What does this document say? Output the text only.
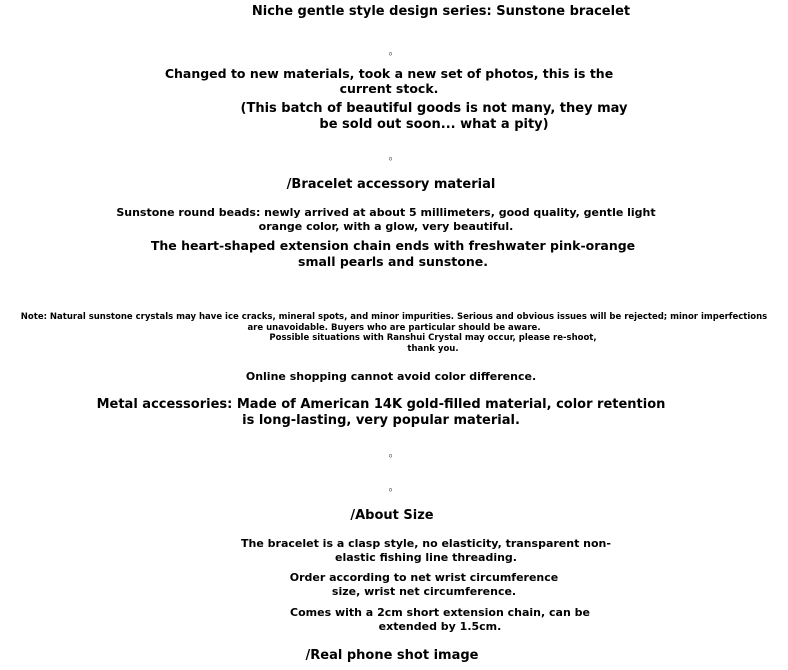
Niche gentle style design series: Sunstone bracelet
。
Changed to new materials, took a new set of photos, this is the current stock.
(This batch of beautiful goods is not many, they may be sold out soon... what a pity)
。
/Bracelet accessory material
Sunstone round beads: newly arrived at about 5 millimeters, good quality, gentle light orange color, with a glow, very beautiful.
The heart-shaped extension chain ends with freshwater pink-orange small pearls and sunstone.
Note: Natural sunstone crystals may have ice cracks, mineral spots, and minor impurities. Serious and obvious issues will be rejected; minor imperfections are unavoidable. Buyers who are particular should be aware.
Possible situations with Ranshui Crystal may occur, please re-shoot, thank you.
Online shopping cannot avoid color difference.
Metal accessories: Made of American 14K gold-filled material, color retention is long-lasting, very popular material.
。
。
/About Size
The bracelet is a clasp style, no elasticity, transparent non-elastic fishing line threading.
Order according to net wrist circumference size, wrist net circumference.
Comes with a 2cm short extension chain, can be extended by 1.5cm.
/Real phone shot image
